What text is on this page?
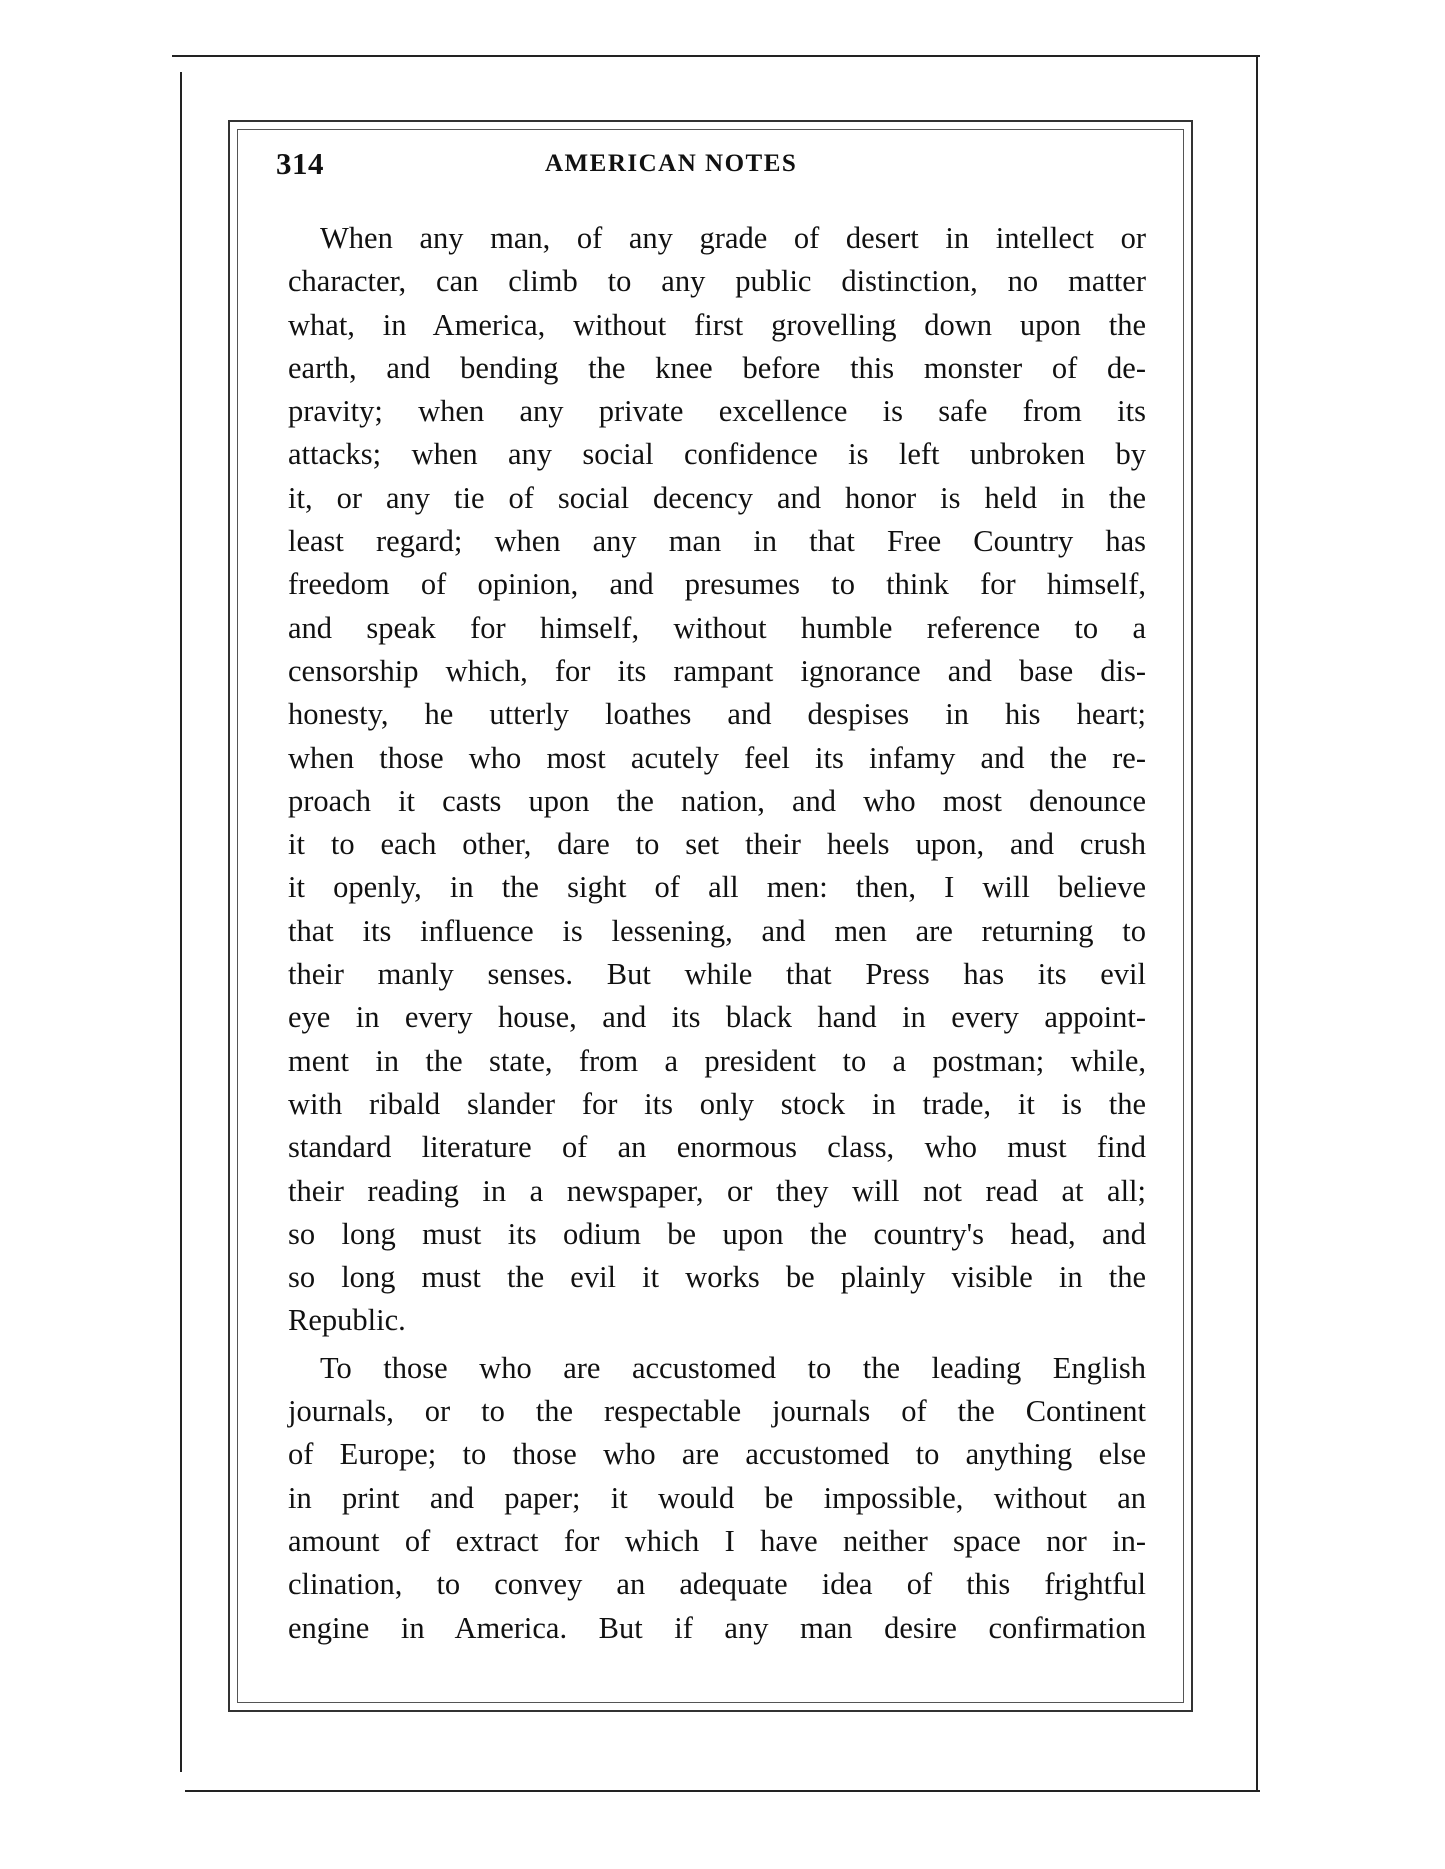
314	AMERICAN NOTES
When any man, of any grade of desert in intellect or
character, can climb to any public distinction, no matter
what, in America, without first grovelling down upon the
earth, and bending the knee before this monster of de-
pravity; when any private excellence is safe from its
attacks; when any social confidence is left unbroken by
it, or any tie of social decency and honor is held in the
least regard; when any man in that Free Country has
freedom of opinion, and presumes to think for himself,
and speak for himself, without humble reference to a
censorship which, for its rampant ignorance and base dis-
honesty, he utterly loathes and despises in his heart;
when those who most acutely feel its infamy and the re-
proach it casts upon the nation, and who most denounce
it to each other, dare to set their heels upon, and crush
it openly, in the sight of all men: then, I will believe
that its influence is lessening, and men are returning to
their manly senses. But while that Press has its evil
eye in every house, and its black hand in every appoint-
ment in the state, from a president to a postman; while,
with ribald slander for its only stock in trade, it is the
standard literature of an enormous class, who must find
their reading in a newspaper, or they will not read at all;
so long must its odium be upon the country's head, and
so long must the evil it works be plainly visible in the
Republic.
To those who are accustomed to the leading English
journals, or to the respectable journals of the Continent
of Europe; to those who are accustomed to anything else
in print and paper; it would be impossible, without an
amount of extract for which I have neither space nor in-
clination, to convey an adequate idea of this frightful
engine in America. But if any man desire confirmation
